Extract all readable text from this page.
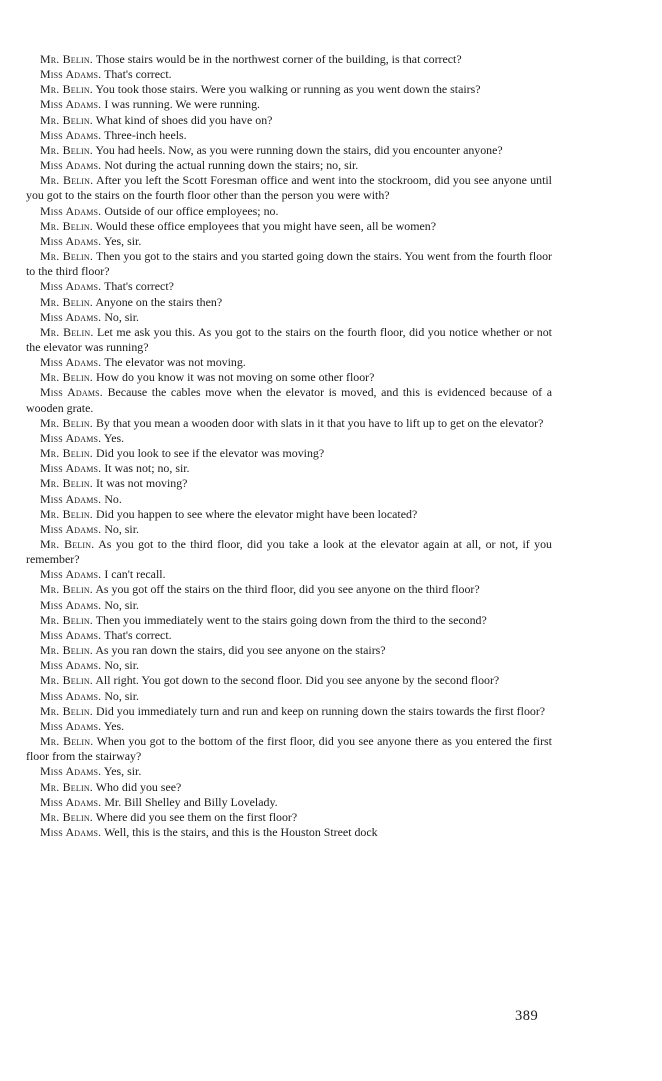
Mr. Belin. Those stairs would be in the northwest corner of the building, is that correct?

Miss Adams. That's correct.

Mr. Belin. You took those stairs. Were you walking or running as you went down the stairs?

Miss Adams. I was running. We were running.

Mr. Belin. What kind of shoes did you have on?

Miss Adams. Three-inch heels.

Mr. Belin. You had heels. Now, as you were running down the stairs, did you encounter anyone?

Miss Adams. Not during the actual running down the stairs; no, sir.

Mr. Belin. After you left the Scott Foresman office and went into the stockroom, did you see anyone until you got to the stairs on the fourth floor other than the person you were with?

Miss Adams. Outside of our office employees; no.

Mr. Belin. Would these office employees that you might have seen, all be women?

Miss Adams. Yes, sir.

Mr. Belin. Then you got to the stairs and you started going down the stairs. You went from the fourth floor to the third floor?

Miss Adams. That's correct?

Mr. Belin. Anyone on the stairs then?

Miss Adams. No, sir.

Mr. Belin. Let me ask you this. As you got to the stairs on the fourth floor, did you notice whether or not the elevator was running?

Miss Adams. The elevator was not moving.

Mr. Belin. How do you know it was not moving on some other floor?

Miss Adams. Because the cables move when the elevator is moved, and this is evidenced because of a wooden grate.

Mr. Belin. By that you mean a wooden door with slats in it that you have to lift up to get on the elevator?

Miss Adams. Yes.

Mr. Belin. Did you look to see if the elevator was moving?

Miss Adams. It was not; no, sir.

Mr. Belin. It was not moving?

Miss Adams. No.

Mr. Belin. Did you happen to see where the elevator might have been located?

Miss Adams. No, sir.

Mr. Belin. As you got to the third floor, did you take a look at the elevator again at all, or not, if you remember?

Miss Adams. I can't recall.

Mr. Belin. As you got off the stairs on the third floor, did you see anyone on the third floor?

Miss Adams. No, sir.

Mr. Belin. Then you immediately went to the stairs going down from the third to the second?

Miss Adams. That's correct.

Mr. Belin. As you ran down the stairs, did you see anyone on the stairs?

Miss Adams. No, sir.

Mr. Belin. All right. You got down to the second floor. Did you see anyone by the second floor?

Miss Adams. No, sir.

Mr. Belin. Did you immediately turn and run and keep on running down the stairs towards the first floor?

Miss Adams. Yes.

Mr. Belin. When you got to the bottom of the first floor, did you see anyone there as you entered the first floor from the stairway?

Miss Adams. Yes, sir.

Mr. Belin. Who did you see?

Miss Adams. Mr. Bill Shelley and Billy Lovelady.

Mr. Belin. Where did you see them on the first floor?

Miss Adams. Well, this is the stairs, and this is the Houston Street dock

389
